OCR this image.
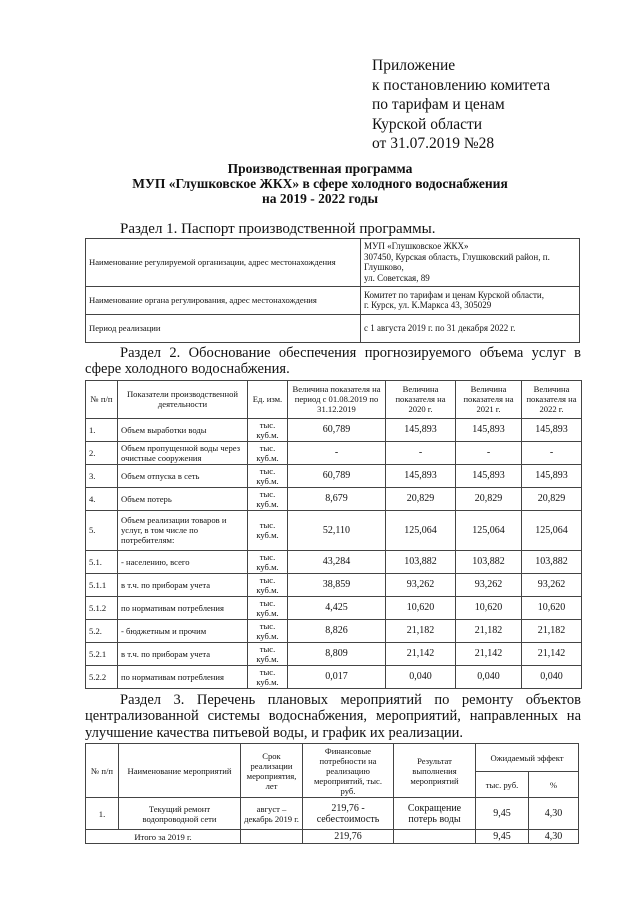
Приложение
к постановлению комитета
по тарифам и ценам
Курской области
от 31.07.2019 №28
Производственная программа
МУП «Глушковское ЖКХ» в сфере холодного водоснабжения
на 2019 - 2022 годы
Раздел 1. Паспорт производственной программы.
Наименование регулируемой организации, адрес местонахождения	МУП «Глушковское ЖКХ»
307450, Курская область, Глушковский район, п. Глушково,
ул. Советская, 89

Наименование органа регулирования, адрес местонахождения	Комитет по тарифам и ценам Курской области,
г. Курск, ул. К.Маркса 43, 305029

Период реализации	с 1 августа 2019 г. по 31 декабря 2022 г.
Раздел 2. Обоснование обеспечения прогнозируемого объема услуг в сфере холодного водоснабжения.
№ п/п	Показатели производственной деятельности	Ед. изм.	Величина показателя на период с 01.08.2019 по 31.12.2019	Величина показателя на 2020 г.	Величина показателя на 2021 г.	Величина показателя на 2022 г.
1.	Объем выработки воды	тыс. куб.м.	60,789	145,893	145,893	145,893
2.	Объем пропущенной воды через очистные сооружения	тыс. куб.м.	-	-	-	-
3.	Объем отпуска в сеть	тыс. куб.м.	60,789	145,893	145,893	145,893
4.	Объем потерь	тыс. куб.м.	8,679	20,829	20,829	20,829
5.	Объем реализации товаров и услуг, в том числе по потребителям:	тыс. куб.м.	52,110	125,064	125,064	125,064
5.1.	- населению, всего	тыс. куб.м.	43,284	103,882	103,882	103,882
5.1.1	в т.ч. по приборам учета	тыс. куб.м.	38,859	93,262	93,262	93,262
5.1.2	по нормативам потребления	тыс. куб.м.	4,425	10,620	10,620	10,620
5.2.	- бюджетным и прочим	тыс. куб.м.	8,826	21,182	21,182	21,182
5.2.1	в т.ч. по приборам учета	тыс. куб.м.	8,809	21,142	21,142	21,142
5.2.2	по нормативам потребления	тыс. куб.м.	0,017	0,040	0,040	0,040
Раздел 3. Перечень плановых мероприятий по ремонту объектов централизованной системы водоснабжения, мероприятий, направленных на улучшение качества питьевой воды, и график их реализации.
№ п/п	Наименование мероприятий	Срок реализации мероприятия, лет	Финансовые потребности на реализацию мероприятий, тыс. руб.	Результат выполнения мероприятий	Ожидаемый эффект	
					тыс. руб.	%
1.	Текущий ремонт водопроводной сети	август – декабрь 2019 г.	219,76 - себестоимость	Сокращение потерь воды	9,45	4,30
Итого за 2019 г.			219,76		9,45	4,30
